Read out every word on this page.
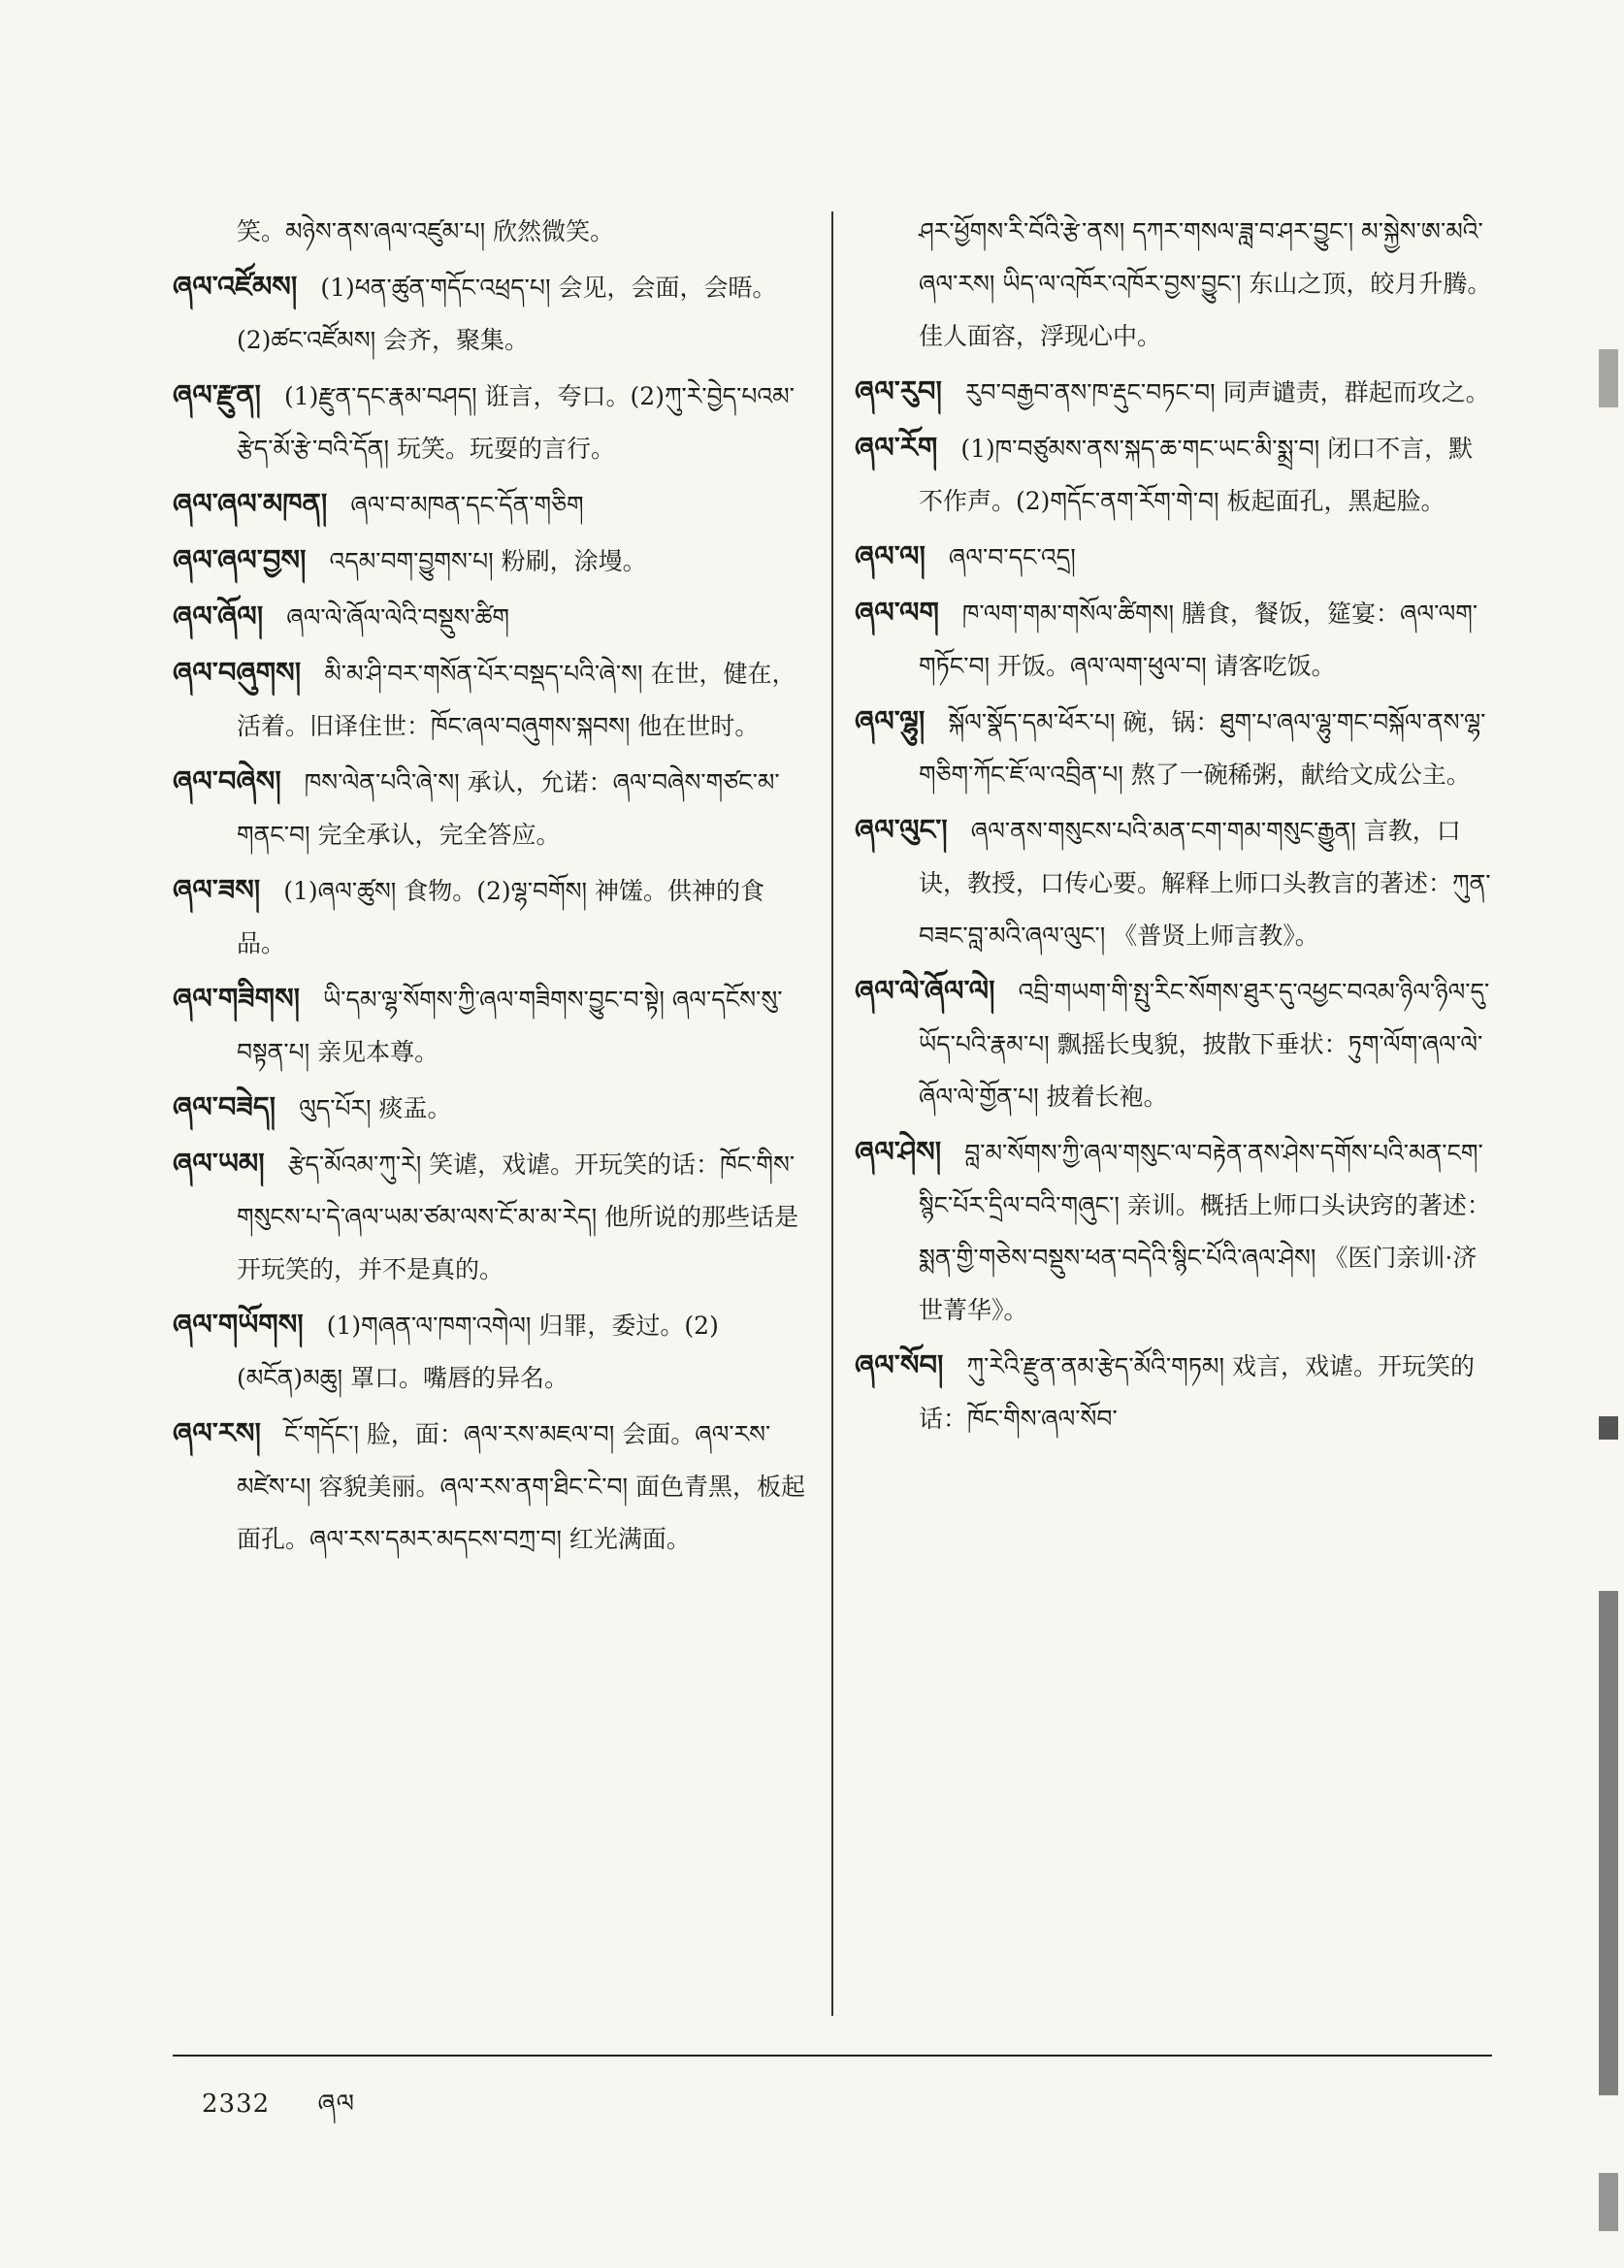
笑。མཉེས་ནས་ཞལ་འཛུམ་པ། 欣然微笑。

ཞལ་འཛོམས། (1)ཕན་ཚུན་གདོང་འཕྲད་པ། 会见，会面，会晤。(2)ཚང་འཛོམས། 会齐，聚集。

ཞལ་རྫུན། (1)རྫུན་དང་རྣམ་བཤད། 诳言，夸口。(2)ཀུ་རེ་བྱེད་པའམ་རྩེད་མོ་རྩེ་བའི་དོན། 玩笑。玩耍的言行。

ཞལ་ཞལ་མཁན། ཞལ་བ་མཁན་དང་དོན་གཅིག

ཞལ་ཞལ་བྱས། འདམ་བག་བྱུགས་པ། 粉刷，涂墁。

ཞལ་ཞོལ། ཞལ་ལེ་ཞོལ་ལེའི་བསྡུས་ཚིག

ཞལ་བཞུགས། མི་མ་ཤི་བར་གསོན་པོར་བསྡད་པའི་ཞེ་ས། 在世，健在，活着。旧译住世：ཁོང་ཞལ་བཞུགས་སྐབས། 他在世时。

ཞལ་བཞེས། ཁས་ལེན་པའི་ཞེ་ས། 承认，允诺：ཞལ་བཞེས་གཙང་མ་གནང་བ། 完全承认，完全答应。

ཞལ་ཟས། (1)ཞལ་ཚུས། 食物。(2)ལྷ་བགོས། 神馐。供神的食品。

ཞལ་གཟིགས། ཡི་དམ་ལྷ་སོགས་ཀྱི་ཞལ་གཟིགས་བྱུང་བ་སྟེ། ཞལ་དངོས་སུ་བསྟན་པ། 亲见本尊。

ཞལ་བཟེད། ལུད་པོར། 痰盂。

ཞལ་ཡམ། རྩེད་མོའམ་ཀུ་རེ། 笑谑，戏谑。开玩笑的话：ཁོང་གིས་གསུངས་པ་དེ་ཞལ་ཡམ་ཙམ་ལས་ངོ་མ་མ་རེད། 他所说的那些话是开玩笑的，并不是真的。

ཞལ་གཡོགས། (1)གཞན་ལ་ཁག་འགེལ། 归罪，委过。(2)(མངོན)མཆུ། 罩口。嘴唇的异名。

ཞལ་རས། ངོ་གདོང་། 脸，面：ཞལ་རས་མཇལ་བ། 会面。ཞལ་རས་མཛེས་པ། 容貌美丽。ཞལ་རས་ནག་ཐིང་ངེ་བ། 面色青黑，板起面孔。ཞལ་རས་དམར་མདངས་བཀྲ་བ། 红光满面。

ཤར་ཕྱོགས་རི་བོའི་རྩེ་ནས། དཀར་གསལ་ཟླ་བ་ཤར་བྱུང་། མ་སྐྱེས་ཨ་མའི་ཞལ་རས། ཡིད་ལ་འཁོར་འཁོར་བྱས་བྱུང་། 东山之顶，皎月升腾。佳人面容，浮现心中。

ཞལ་རུབ། རུབ་བརྒྱབ་ནས་ཁ་རྡུང་བཏང་བ། 同声谴责，群起而攻之。

ཞལ་རོག (1)ཁ་བཙུམས་ནས་སྐད་ཆ་གང་ཡང་མི་སྨྲ་བ། 闭口不言，默不作声。(2)གདོང་ནག་རོག་གེ་བ། 板起面孔，黑起脸。

ཞལ་ལ། ཞལ་བ་དང་འདྲ།

ཞལ་ལག ཁ་ལག་གམ་གསོལ་ཚིགས། 膳食，餐饭，筵宴：ཞལ་ལག་གཏོང་བ། 开饭。ཞལ་ལག་ཕུལ་བ། 请客吃饭。

ཞལ་ལྷུ། སྐོལ་སྣོད་དམ་ཕོར་པ། 碗，锅：ཐུག་པ་ཞལ་ལྷུ་གང་བསྐོལ་ནས་ལྷ་གཅིག་ཀོང་ཇོ་ལ་འབྲིན་པ། 熬了一碗稀粥，献给文成公主。

ཞལ་ལུང་། ཞལ་ནས་གསུངས་པའི་མན་ངག་གམ་གསུང་རྒྱུན། 言教，口诀，教授，口传心要。解释上师口头教言的著述：ཀུན་བཟང་བླ་མའི་ཞལ་ལུང་། 《普贤上师言教》。

ཞལ་ལེ་ཞོལ་ལེ། འབྲི་གཡག་གི་སྤུ་རིང་སོགས་ཐུར་དུ་འཕྱང་བའམ་ཉིལ་ཉིལ་དུ་ཡོད་པའི་རྣམ་པ། 飘摇长曳貌，披散下垂状：ཏུག་ལོག་ཞལ་ལེ་ཞོལ་ལེ་གྱོན་པ། 披着长袍。

ཞལ་ཤེས། བླ་མ་སོགས་ཀྱི་ཞལ་གསུང་ལ་བརྟེན་ནས་ཤེས་དགོས་པའི་མན་ངག་སྙིང་པོར་དྲིལ་བའི་གཞུང་། 亲训。概括上师口头诀窍的著述：སྨན་གྱི་གཅེས་བསྡུས་ཕན་བདེའི་སྙིང་པོའི་ཞལ་ཤེས། 《医门亲训·济世菁华》。

ཞལ་སོབ། ཀུ་རེའི་རྫུན་ནམ་རྩེད་མོའི་གཏམ། 戏言，戏谑。开玩笑的话：ཁོང་གིས་ཞལ་སོབ་

2332 ཞལ
